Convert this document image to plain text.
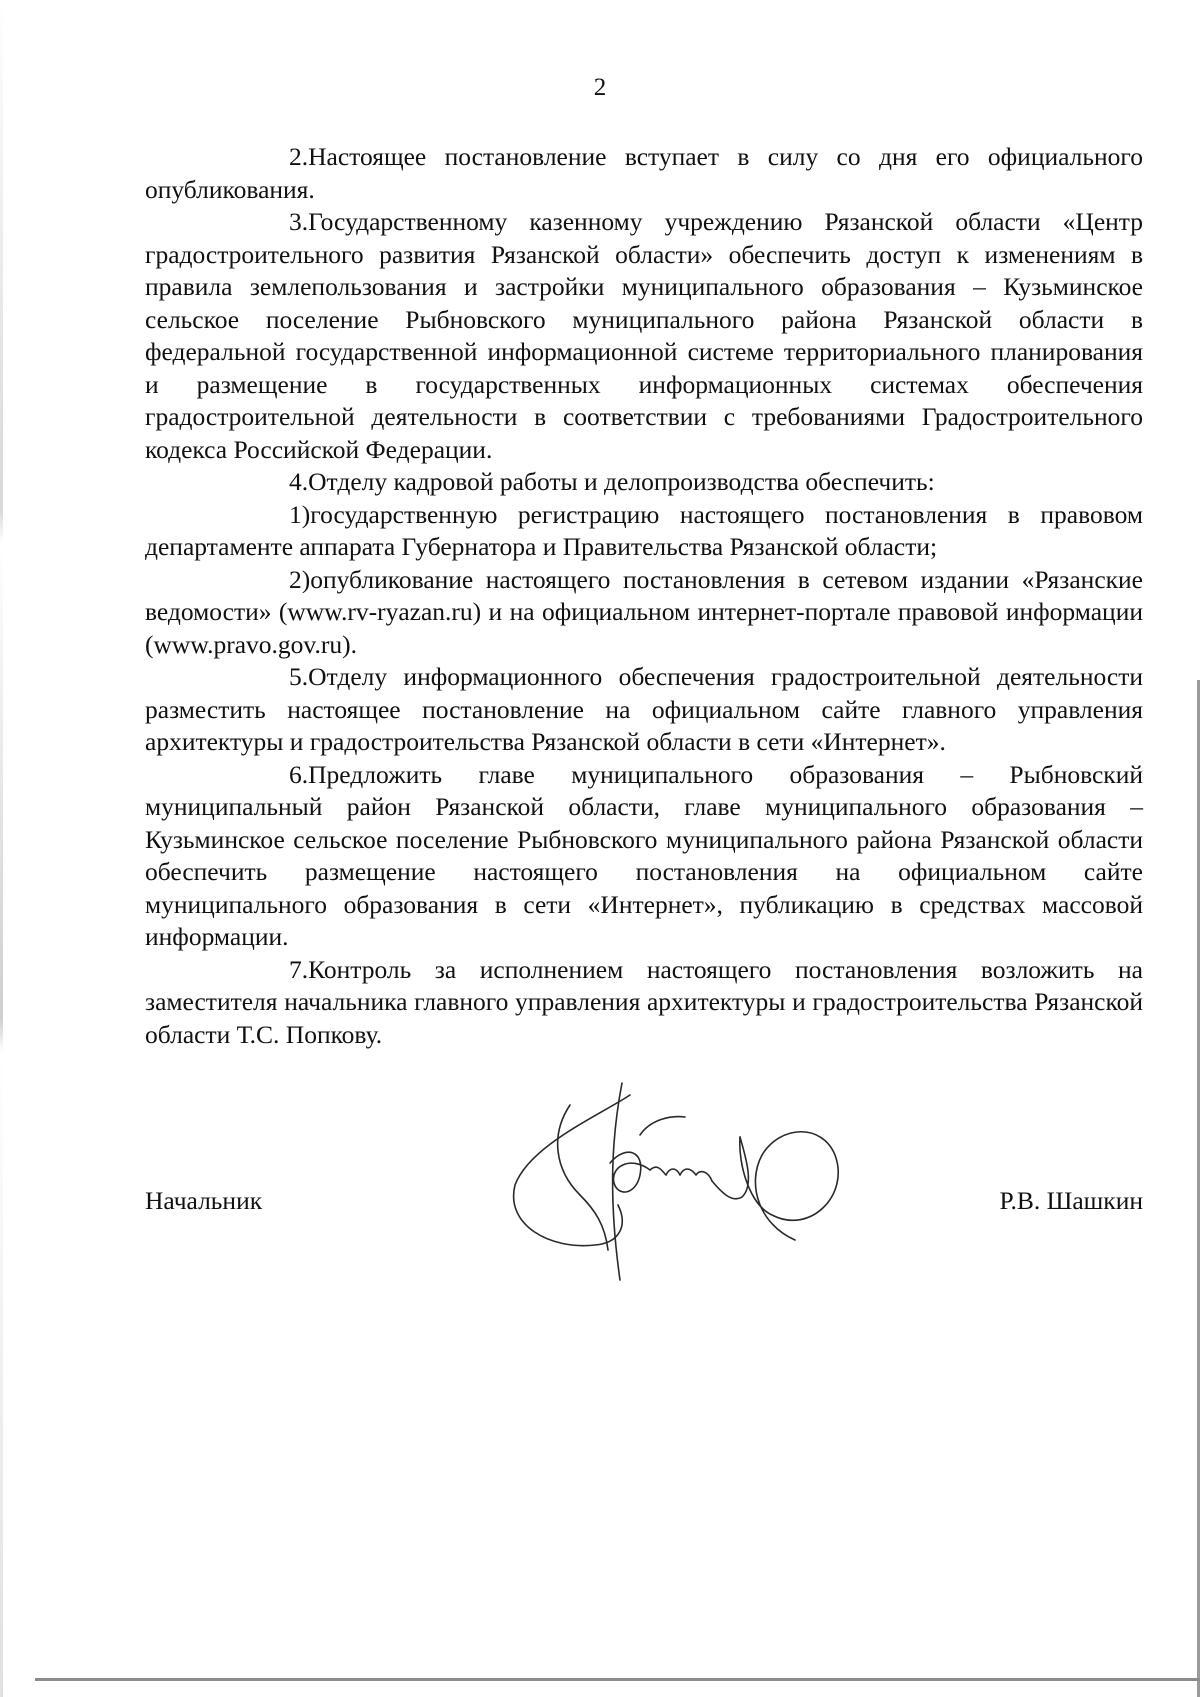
2

2.Настоящее постановление вступает в силу со дня его официального опубликования.

3.Государственному казенному учреждению Рязанской области «Центр градостроительного развития Рязанской области» обеспечить доступ к изменениям в правила землепользования и застройки муниципального образования – Кузьминское сельское поселение Рыбновского муниципального района Рязанской области в федеральной государственной информационной системе территориального планирования и размещение в государственных информационных системах обеспечения градостроительной деятельности в соответствии с требованиями Градостроительного кодекса Российской Федерации.

4.Отделу кадровой работы и делопроизводства обеспечить:

1)государственную регистрацию настоящего постановления в правовом департаменте аппарата Губернатора и Правительства Рязанской области;

2)опубликование настоящего постановления в сетевом издании «Рязанские ведомости» (www.rv-ryazan.ru) и на официальном интернет-портале правовой информации (www.pravo.gov.ru).

5.Отделу информационного обеспечения градостроительной деятельности разместить настоящее постановление на официальном сайте главного управления архитектуры и градостроительства Рязанской области в сети «Интернет».

6.Предложить главе муниципального образования – Рыбновский муниципальный район Рязанской области, главе муниципального образования – Кузьминское сельское поселение Рыбновского муниципального района Рязанской области обеспечить размещение настоящего постановления на официальном сайте муниципального образования в сети «Интернет», публикацию в средствах массовой информации.

7.Контроль за исполнением настоящего постановления возложить на заместителя начальника главного управления архитектуры и градостроительства Рязанской области Т.С. Попкову.

Начальник	Р.В. Шашкин
